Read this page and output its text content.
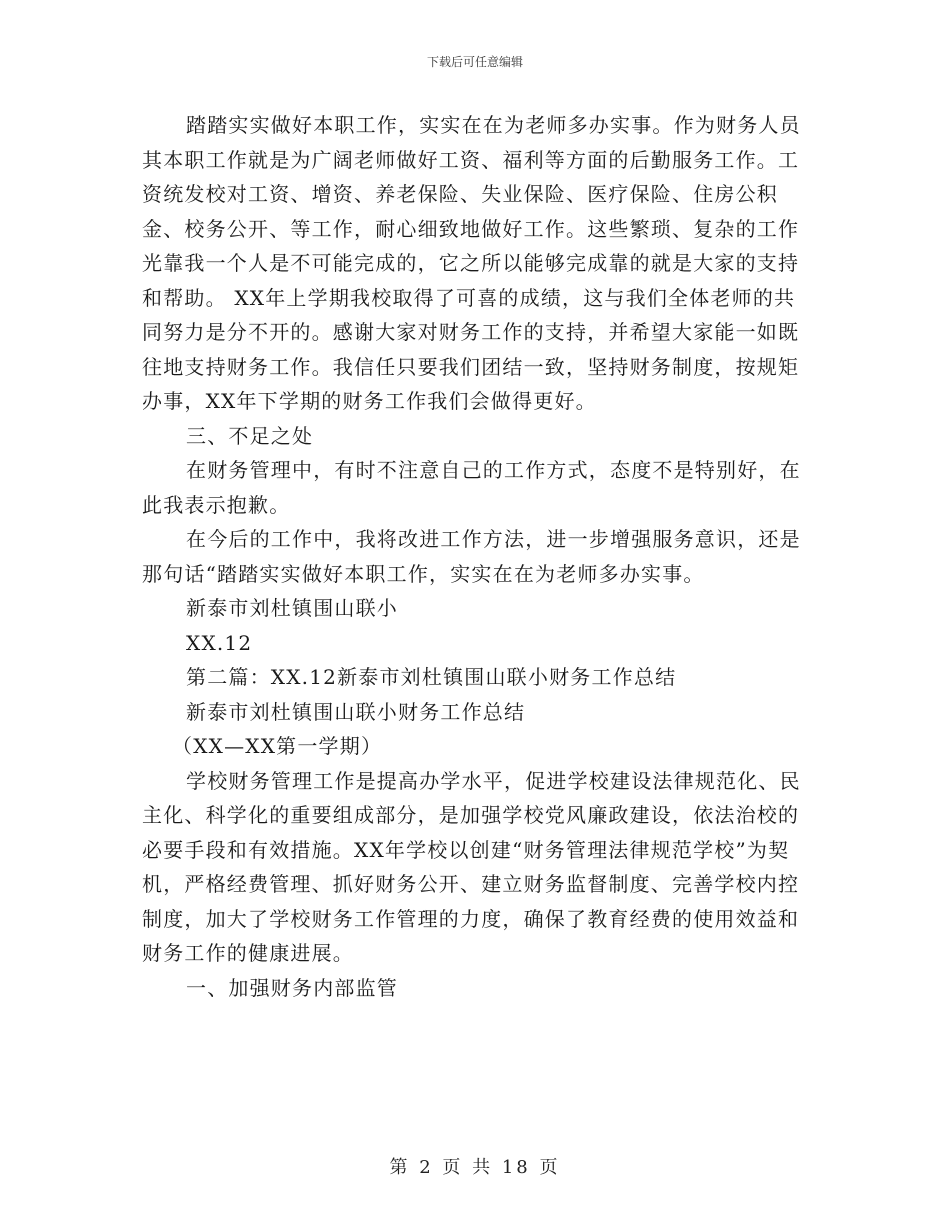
下载后可任意编辑

踏踏实实做好本职工作，实实在在为老师多办实事。作为财务人员其本职工作就是为广阔老师做好工资、福利等方面的后勤服务工作。工资统发校对工资、增资、养老保险、失业保险、医疗保险、住房公积金、校务公开、等工作，耐心细致地做好工作。这些繁琐、复杂的工作光靠我一个人是不可能完成的，它之所以能够完成靠的就是大家的支持和帮助。 XX年上学期我校取得了可喜的成绩，这与我们全体老师的共同努力是分不开的。感谢大家对财务工作的支持，并希望大家能一如既往地支持财务工作。我信任只要我们团结一致，坚持财务制度，按规矩办事，XX年下学期的财务工作我们会做得更好。

三、不足之处

在财务管理中，有时不注意自己的工作方式，态度不是特别好，在此我表示抱歉。

在今后的工作中，我将改进工作方法，进一步增强服务意识，还是那句话“踏踏实实做好本职工作，实实在在为老师多办实事。

新泰市刘杜镇围山联小

XX.12

第二篇：XX.12新泰市刘杜镇围山联小财务工作总结

新泰市刘杜镇围山联小财务工作总结

（XX—XX第一学期）

学校财务管理工作是提高办学水平，促进学校建设法律规范化、民主化、科学化的重要组成部分，是加强学校党风廉政建设，依法治校的必要手段和有效措施。XX年学校以创建“财务管理法律规范学校”为契机，严格经费管理、抓好财务公开、建立财务监督制度、完善学校内控制度，加大了学校财务工作管理的力度，确保了教育经费的使用效益和财务工作的健康进展。

一、加强财务内部监管

第 2 页 共 18 页
